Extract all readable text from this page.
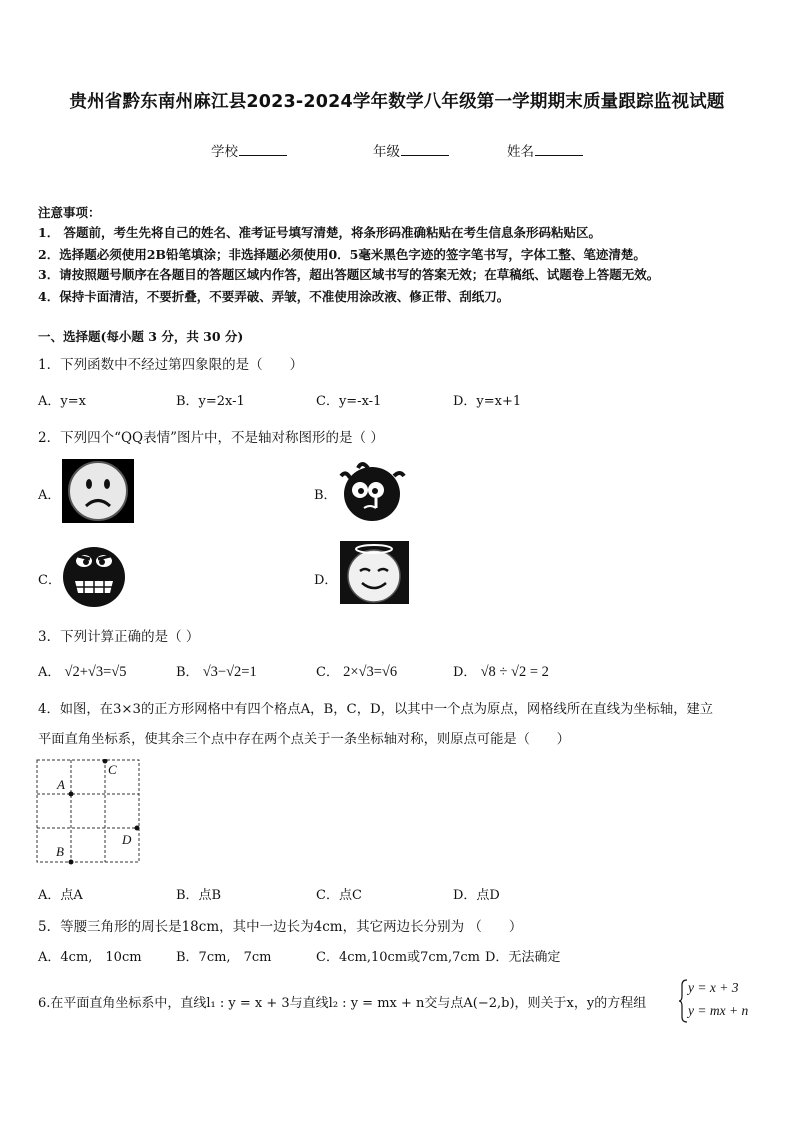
贵州省黔东南州麻江县2023-2024学年数学八年级第一学期期末质量跟踪监视试题
学校	年级	姓名
注意事项：
1． 答题前，考生先将自己的姓名、准考证号填写清楚，将条形码准确粘贴在考生信息条形码粘贴区。
2．选择题必须使用2B铅笔填涂；非选择题必须使用0．5毫米黑色字迹的签字笔书写，字体工整、笔迹清楚。
3．请按照题号顺序在各题目的答题区域内作答，超出答题区域书写的答案无效；在草稿纸、试题卷上答题无效。
4．保持卡面清洁，不要折叠，不要弄破、弄皱，不准使用涂改液、修正带、刮纸刀。
一、选择题(每小题 3 分，共 30 分)
1．下列函数中不经过第四象限的是（　　）
A．y=x	B．y=2x-1	C．y=-x-1	D．y=x+1
2．下列四个“QQ表情”图片中，不是轴对称图形的是（ ）
A．	B．
C．	D．
3．下列计算正确的是（ ）
A． √2+√3=√5	B． √3−√2=1	C． 2×√3=√6	D． √8 ÷ √2 = 2
4．如图，在3×3的正方形网格中有四个格点A，B，C，D，以其中一个点为原点，网格线所在直线为坐标轴，建立
平面直角坐标系，使其余三个点中存在两个点关于一条坐标轴对称，则原点可能是（　　）
A
B
C
D
A．点A	B．点B	C．点C	D．点D
5．等腰三角形的周长是18cm，其中一边长为4cm，其它两边长分别为 （　　）
A．4cm,　10cm	B．7cm,　7cm	C．4cm,10cm或7cm,7cm D．无法确定
6.在平面直角坐标系中，直线l₁ : y = x + 3与直线l₂ : y = mx + n交与点A(−2,b)，则关于x，y的方程组
y = x + 3
y = mx + n
